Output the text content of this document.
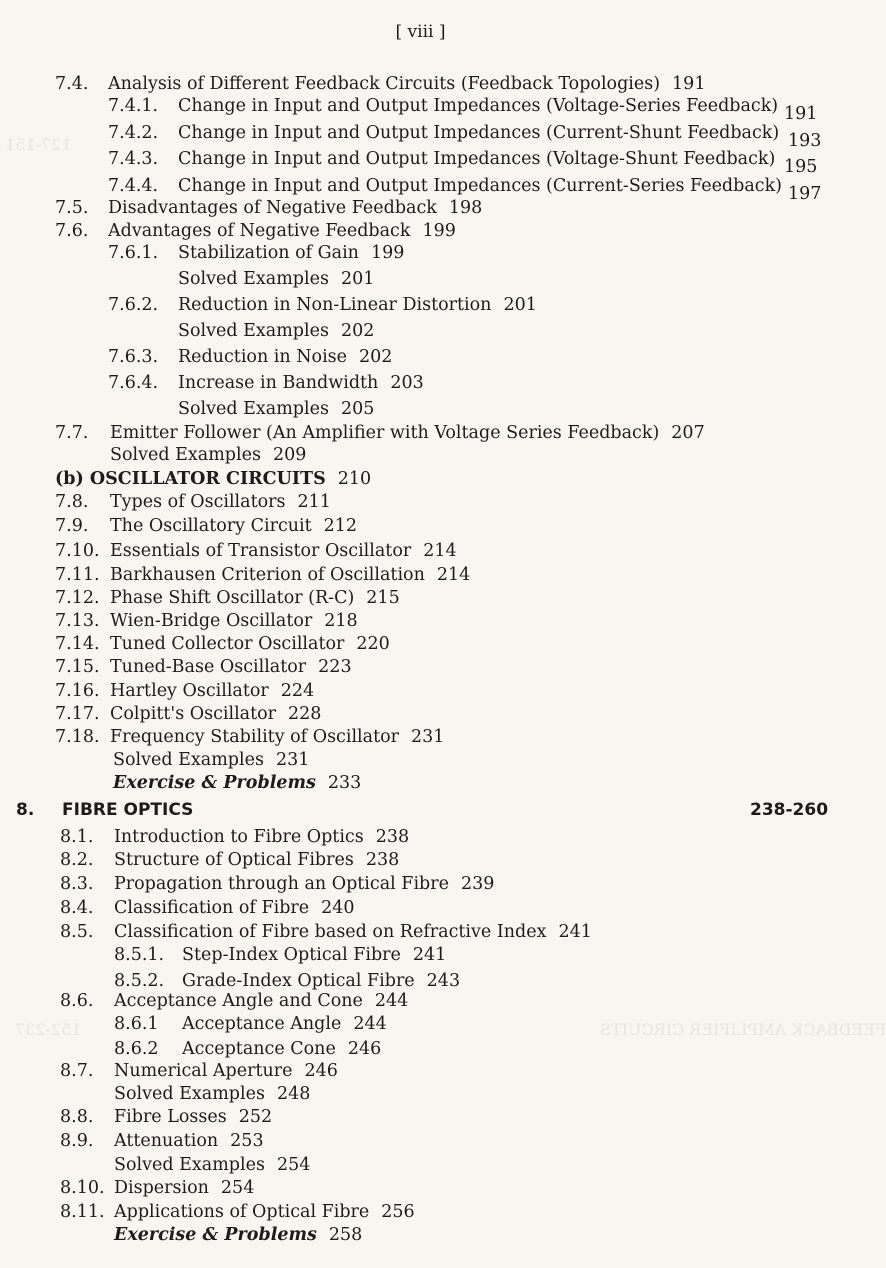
[ viii ]
FEEDBACK AMPLIFIER CIRCUITS
152-237
127-151
7.4. Analysis of Different Feedback Circuits (Feedback Topologies) 191
7.4.1. Change in Input and Output Impedances (Voltage-Series Feedback) 191
7.4.2. Change in Input and Output Impedances (Current-Shunt Feedback) 193
7.4.3. Change in Input and Output Impedances (Voltage-Shunt Feedback) 195
7.4.4. Change in Input and Output Impedances (Current-Series Feedback) 197
7.5. Disadvantages of Negative Feedback 198
7.6. Advantages of Negative Feedback 199
7.6.1. Stabilization of Gain 199
Solved Examples 201
7.6.2. Reduction in Non-Linear Distortion 201
Solved Examples 202
7.6.3. Reduction in Noise 202
7.6.4. Increase in Bandwidth 203
Solved Examples 205
7.7. Emitter Follower (An Amplifier with Voltage Series Feedback) 207
Solved Examples 209
(b) OSCILLATOR CIRCUITS 210
7.8. Types of Oscillators 211
7.9. The Oscillatory Circuit 212
7.10. Essentials of Transistor Oscillator 214
7.11. Barkhausen Criterion of Oscillation 214
7.12. Phase Shift Oscillator (R-C) 215
7.13. Wien-Bridge Oscillator 218
7.14. Tuned Collector Oscillator 220
7.15. Tuned-Base Oscillator 223
7.16. Hartley Oscillator 224
7.17. Colpitt's Oscillator 228
7.18. Frequency Stability of Oscillator 231
Solved Examples 231
Exercise & Problems 233
8. FIBRE OPTICS	238-260
8.1. Introduction to Fibre Optics 238
8.2. Structure of Optical Fibres 238
8.3. Propagation through an Optical Fibre 239
8.4. Classification of Fibre 240
8.5. Classification of Fibre based on Refractive Index 241
8.5.1. Step-Index Optical Fibre 241
8.5.2. Grade-Index Optical Fibre 243
8.6. Acceptance Angle and Cone 244
8.6.1 Acceptance Angle 244
8.6.2 Acceptance Cone 246
8.7. Numerical Aperture 246
Solved Examples 248
8.8. Fibre Losses 252
8.9. Attenuation 253
Solved Examples 254
8.10. Dispersion 254
8.11. Applications of Optical Fibre 256
Exercise & Problems 258
